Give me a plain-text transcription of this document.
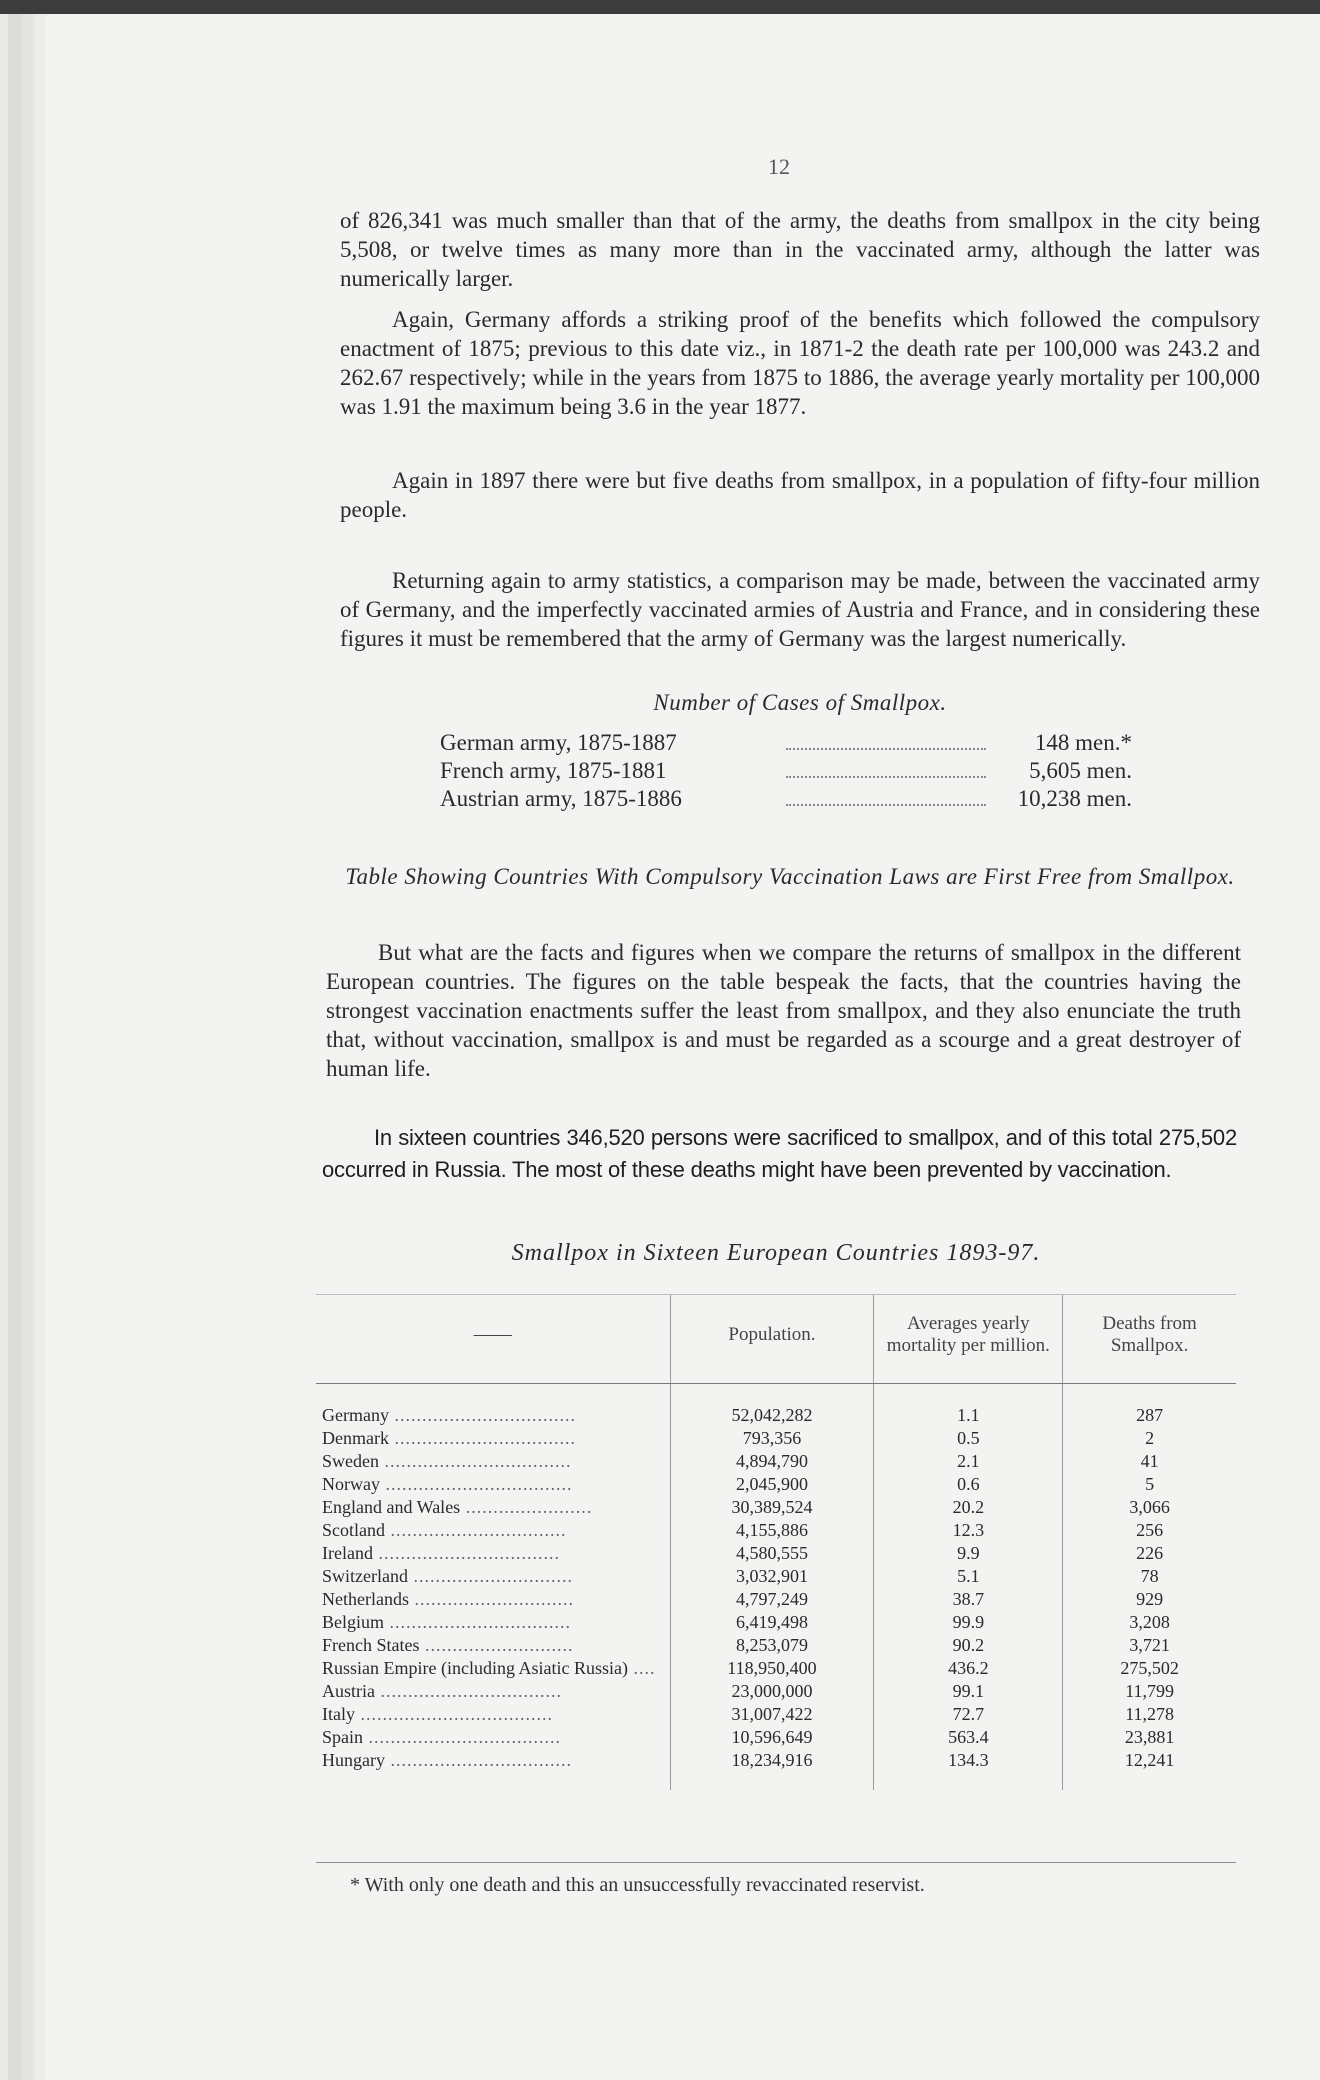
12

of 826,341 was much smaller than that of the army, the deaths from smallpox in the city being 5,508, or twelve times as many more than in the vaccinated army, although the latter was numerically larger.

Again, Germany affords a striking proof of the benefits which followed the compulsory enactment of 1875; previous to this date viz., in 1871-2 the death rate per 100,000 was 243.2 and 262.67 respectively; while in the years from 1875 to 1886, the average yearly mortality per 100,000 was 1.91 the maximum being 3.6 in the year 1877.

Again in 1897 there were but five deaths from smallpox, in a population of fifty-four million people.

Returning again to army statistics, a comparison may be made, between the vaccinated army of Germany, and the imperfectly vaccinated armies of Austria and France, and in considering these figures it must be remembered that the army of Germany was the largest numerically.

Number of Cases of Smallpox.
German army, 1875-1887	148 men.*
French army, 1875-1881	5,605 men.
Austrian army, 1875-1886	10,238 men.
Table Showing Countries With Compulsory Vaccination Laws are First Free from Smallpox.

But what are the facts and figures when we compare the returns of smallpox in the different European countries. The figures on the table bespeak the facts, that the countries having the strongest vaccination enactments suffer the least from smallpox, and they also enunciate the truth that, without vaccination, smallpox is and must be regarded as a scourge and a great destroyer of human life.

In sixteen countries 346,520 persons were sacrificed to smallpox, and of this total 275,502 occurred in Russia. The most of these deaths might have been prevented by vaccination.

Smallpox in Sixteen European Countries 1893-97.
——	Population.	Averages yearly mortality per million.	Deaths from Smallpox.
Germany .................................	52,042,282	1.1	287
Denmark .................................	793,356	0.5	2
Sweden ..................................	4,894,790	2.1	41
Norway ..................................	2,045,900	0.6	5
England and Wales .......................	30,389,524	20.2	3,066
Scotland ................................	4,155,886	12.3	256
Ireland .................................	4,580,555	9.9	226
Switzerland .............................	3,032,901	5.1	78
Netherlands .............................	4,797,249	38.7	929
Belgium .................................	6,419,498	99.9	3,208
French States ...........................	8,253,079	90.2	3,721
Russian Empire (including Asiatic Russia) ....	118,950,400	436.2	275,502
Austria .................................	23,000,000	99.1	11,799
Italy ...................................	31,007,422	72.7	11,278
Spain ...................................	10,596,649	563.4	23,881
Hungary .................................	18,234,916	134.3	12,241
* With only one death and this an unsuccessfully revaccinated reservist.
